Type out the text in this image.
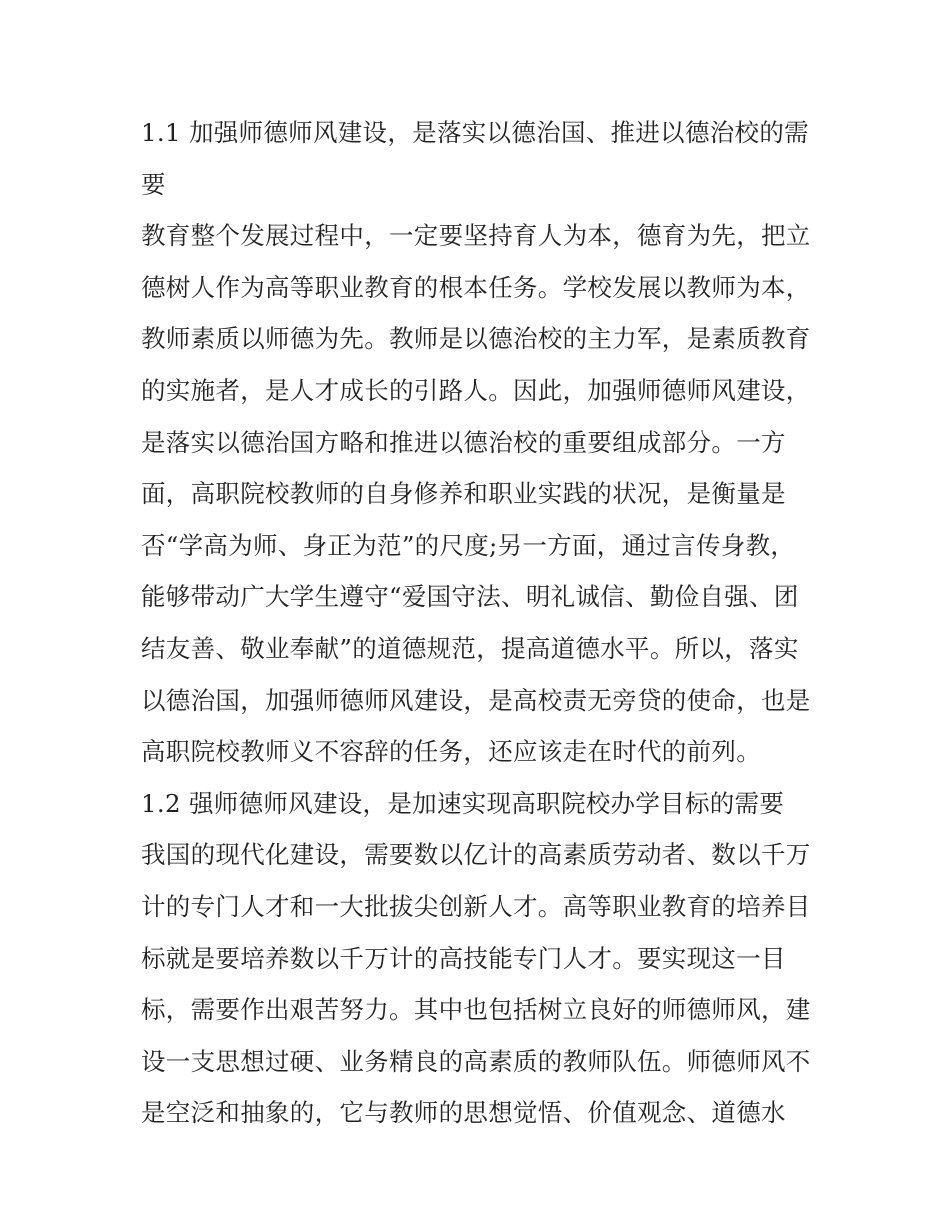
1.1 加强师德师风建设，是落实以德治国、推进以德治校的需
要
教育整个发展过程中，一定要坚持育人为本，德育为先，把立
德树人作为高等职业教育的根本任务。学校发展以教师为本，
教师素质以师德为先。教师是以德治校的主力军，是素质教育
的实施者，是人才成长的引路人。因此，加强师德师风建设，
是落实以德治国方略和推进以德治校的重要组成部分。一方
面，高职院校教师的自身修养和职业实践的状况，是衡量是
否“学高为师、身正为范”的尺度;另一方面，通过言传身教，
能够带动广大学生遵守“爱国守法、明礼诚信、勤俭自强、团
结友善、敬业奉献”的道德规范，提高道德水平。所以，落实
以德治国，加强师德师风建设，是高校责无旁贷的使命，也是
高职院校教师义不容辞的任务，还应该走在时代的前列。
1.2 强师德师风建设，是加速实现高职院校办学目标的需要
我国的现代化建设，需要数以亿计的高素质劳动者、数以千万
计的专门人才和一大批拔尖创新人才。高等职业教育的培养目
标就是要培养数以千万计的高技能专门人才。要实现这一目
标，需要作出艰苦努力。其中也包括树立良好的师德师风，建
设一支思想过硬、业务精良的高素质的教师队伍。师德师风不
是空泛和抽象的，它与教师的思想觉悟、价值观念、道德水
